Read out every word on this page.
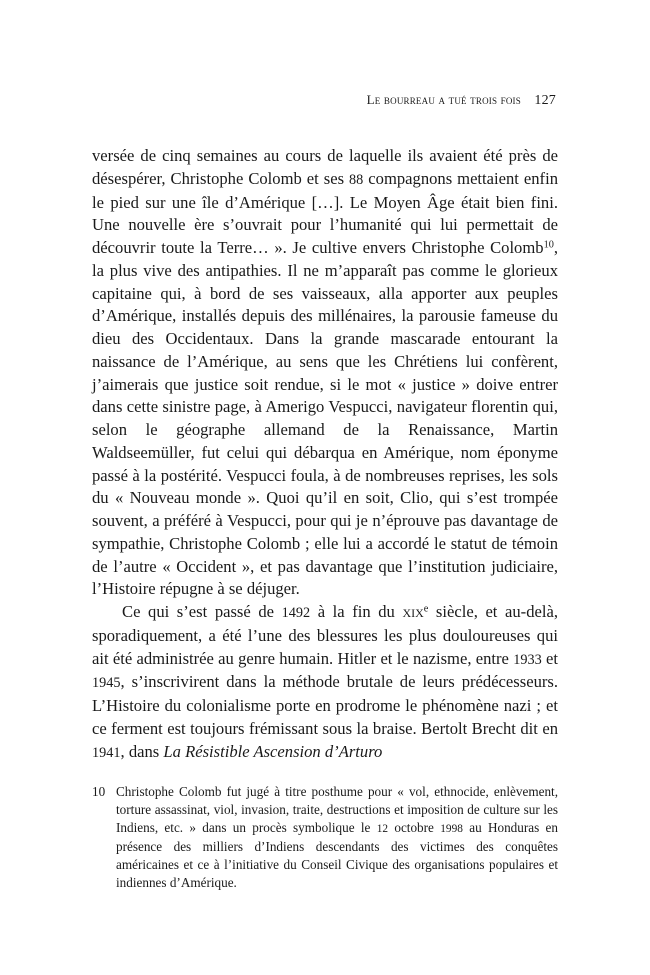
Le bourreau a tué trois fois 127

versée de cinq semaines au cours de laquelle ils avaient été près de désespérer, Christophe Colomb et ses 88 compagnons mettaient enfin le pied sur une île d’Amérique […]. Le Moyen Âge était bien fini. Une nouvelle ère s’ouvrait pour l’humanité qui lui permettait de découvrir toute la Terre… ». Je cultive envers Christophe Colomb$^{10}$, la plus vive des antipathies. Il ne m’apparaît pas comme le glorieux capitaine qui, à bord de ses vaisseaux, alla apporter aux peuples d’Amérique, installés depuis des millénaires, la parousie fameuse du dieu des Occidentaux. Dans la grande mascarade entourant la naissance de l’Amérique, au sens que les Chrétiens lui confèrent, j’aimerais que justice soit rendue, si le mot « justice » doive entrer dans cette sinistre page, à Amerigo Vespucci, navigateur florentin qui, selon le géographe allemand de la Renaissance, Martin Waldseemüller, fut celui qui débarqua en Amérique, nom éponyme passé à la postérité. Vespucci foula, à de nombreuses reprises, les sols du « Nouveau monde ». Quoi qu’il en soit, Clio, qui s’est trompée souvent, a préféré à Vespucci, pour qui je n’éprouve pas davantage de sympathie, Christophe Colomb ; elle lui a accordé le statut de témoin de l’autre « Occident », et pas davantage que l’institution judiciaire, l’Histoire répugne à se déjuger.

Ce qui s’est passé de 1492 à la fin du xix$^e$ siècle, et au-delà, sporadiquement, a été l’une des blessures les plus douloureuses qui ait été administrée au genre humain. Hitler et le nazisme, entre 1933 et 1945, s’inscrivirent dans la méthode brutale de leurs prédécesseurs. L’Histoire du colonialisme porte en prodrome le phénomène nazi ; et ce ferment est toujours frémissant sous la braise. Bertolt Brecht dit en 1941, dans La Résistible Ascension d’Arturo

10 Christophe Colomb fut jugé à titre posthume pour « vol, ethnocide, enlèvement, torture assassinat, viol, invasion, traite, destructions et imposition de culture sur les Indiens, etc. » dans un procès symbolique le 12 octobre 1998 au Honduras en présence des milliers d’Indiens descendants des victimes des conquêtes américaines et ce à l’initiative du Conseil Civique des organisations populaires et indiennes d’Amérique.
